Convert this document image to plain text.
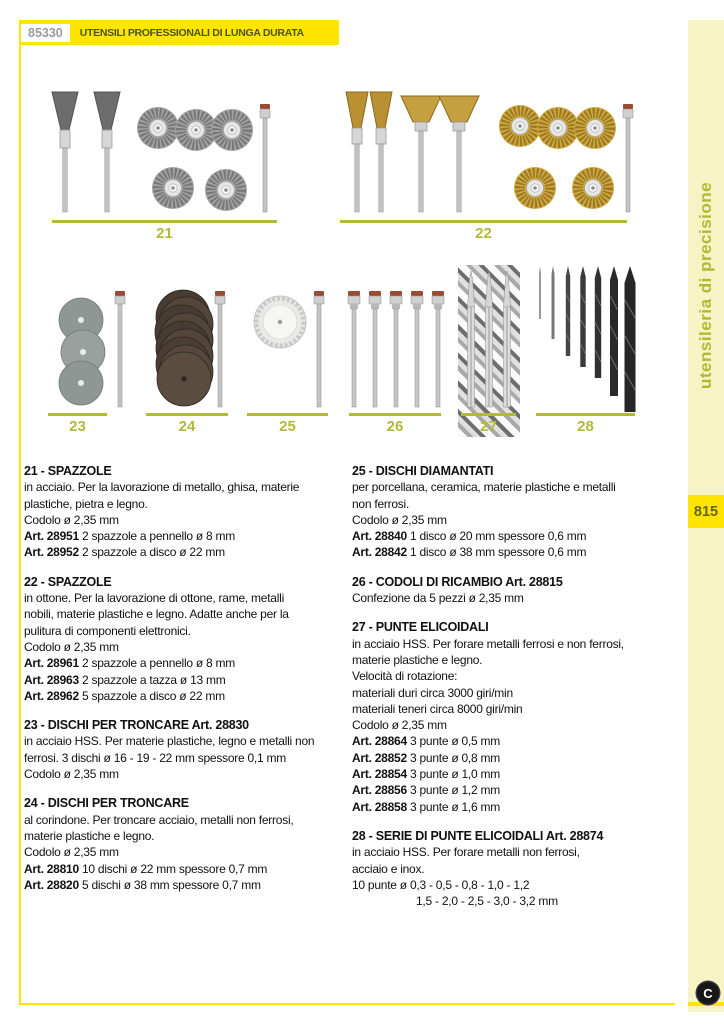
85330	UTENSILI PROFESSIONALI DI LUNGA DURATA
utensileria di precisione
815
C
21	22
23	24	25	26	27	28
21 - SPAZZOLE
in acciaio. Per la lavorazione di metallo, ghisa, materie
plastiche, pietra e legno.
Codolo ø 2,35 mm
Art. 28951 2 spazzole a pennello ø 8 mm
Art. 28952 2 spazzole a disco ø 22 mm
22 - SPAZZOLE
in ottone. Per la lavorazione di ottone, rame, metalli
nobili, materie plastiche e legno. Adatte anche per la
pulitura di componenti elettronici.
Codolo ø 2,35 mm
Art. 28961 2 spazzole a pennello ø 8 mm
Art. 28963 2 spazzole a tazza ø 13 mm
Art. 28962 5 spazzole a disco ø 22 mm
23 - DISCHI PER TRONCARE Art. 28830
in acciaio HSS. Per materie plastiche, legno e metalli non
ferrosi. 3 dischi ø 16 - 19 - 22 mm spessore 0,1 mm
Codolo ø 2,35 mm
24 - DISCHI PER TRONCARE
al corindone. Per troncare acciaio, metalli non ferrosi,
materie plastiche e legno.
Codolo ø 2,35 mm
Art. 28810 10 dischi ø 22 mm spessore 0,7 mm
Art. 28820 5 dischi ø 38 mm spessore 0,7 mm
25 - DISCHI DIAMANTATI
per porcellana, ceramica, materie plastiche e metalli
non ferrosi.
Codolo ø 2,35 mm
Art. 28840 1 disco ø 20 mm spessore 0,6 mm
Art. 28842 1 disco ø 38 mm spessore 0,6 mm
26 - CODOLI DI RICAMBIO Art. 28815
Confezione da 5 pezzi ø 2,35 mm
27 - PUNTE ELICOIDALI
in acciaio HSS. Per forare metalli ferrosi e non ferrosi,
materie plastiche e legno.
Velocità di rotazione:
materiali duri circa 3000 giri/min
materiali teneri circa 8000 giri/min
Codolo ø 2,35 mm
Art. 28864 3 punte ø 0,5 mm
Art. 28852 3 punte ø 0,8 mm
Art. 28854 3 punte ø 1,0 mm
Art. 28856 3 punte ø 1,2 mm
Art. 28858 3 punte ø 1,6 mm
28 - SERIE DI PUNTE ELICOIDALI Art. 28874
in acciaio HSS. Per forare metalli non ferrosi,
acciaio e inox.
10 punte ø 0,3 - 0,5 - 0,8 - 1,0 - 1,2
1,5 - 2,0 - 2,5 - 3,0 - 3,2 mm
